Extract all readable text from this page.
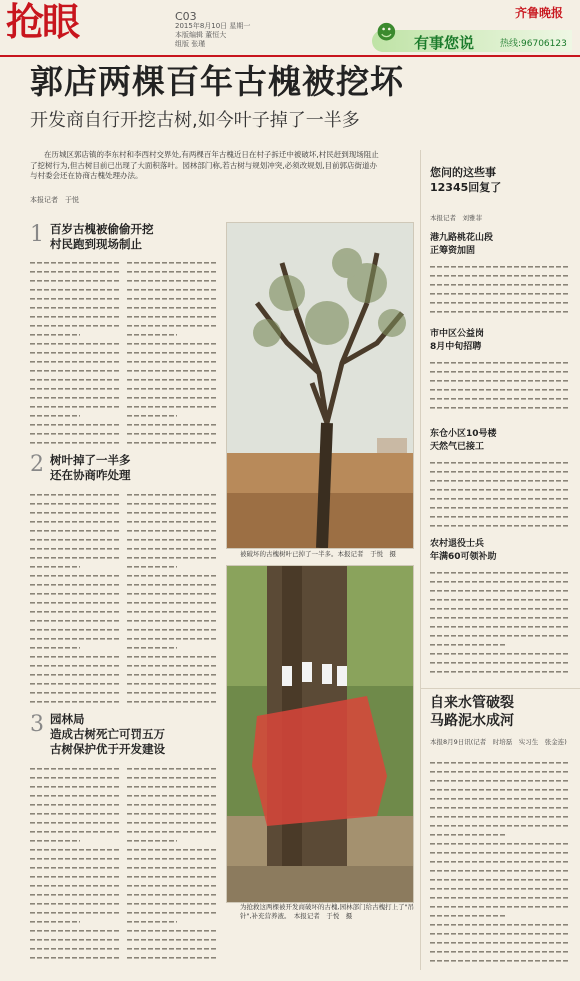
抢眼	C03
2015年8月10日 星期一
本版编辑 董恒大
组版 张瑾
齐鲁晚报
☻ 有事您说	热线:96706123
郭店两棵百年古槐被挖坏
开发商自行开挖古树,如今叶子掉了一半多
在历城区郭店镇的李东村和李西村交界处,有两棵百年古槐近日在村子拆迁中被破坏,村民赶到现场阻止了挖树行为,但古树目前已出现了大面积落叶。园林部门称,若古树与规划冲突,必须改规划,目前郭店街道办与村委会还在协商古槐处理办法。
本报记者　于悦
1 百岁古槐被偷偷开挖
村民跑到现场制止
2 树叶掉了一半多
还在协商咋处理
3 园林局
造成古树死亡可罚五万
古树保护优于开发建设
被破坏的古槐树叶已掉了一半多。本报记者　于悦　摄
为抢救这两棵被开发商破坏的古槐,园林部门给古槐打上了"吊针",补充营养液。　本报记者　于悦　摄
您问的这些事
12345回复了
本报记者　刘雅菲
港九路桃花山段
正筹资加固
市中区公益岗
8月中旬招聘
东仓小区10号楼
天然气已接工
农村退役士兵
年满60可领补助
自来水管破裂
马路泥水成河
本报8月9日讯(记者　时培磊　实习生　张金连)
